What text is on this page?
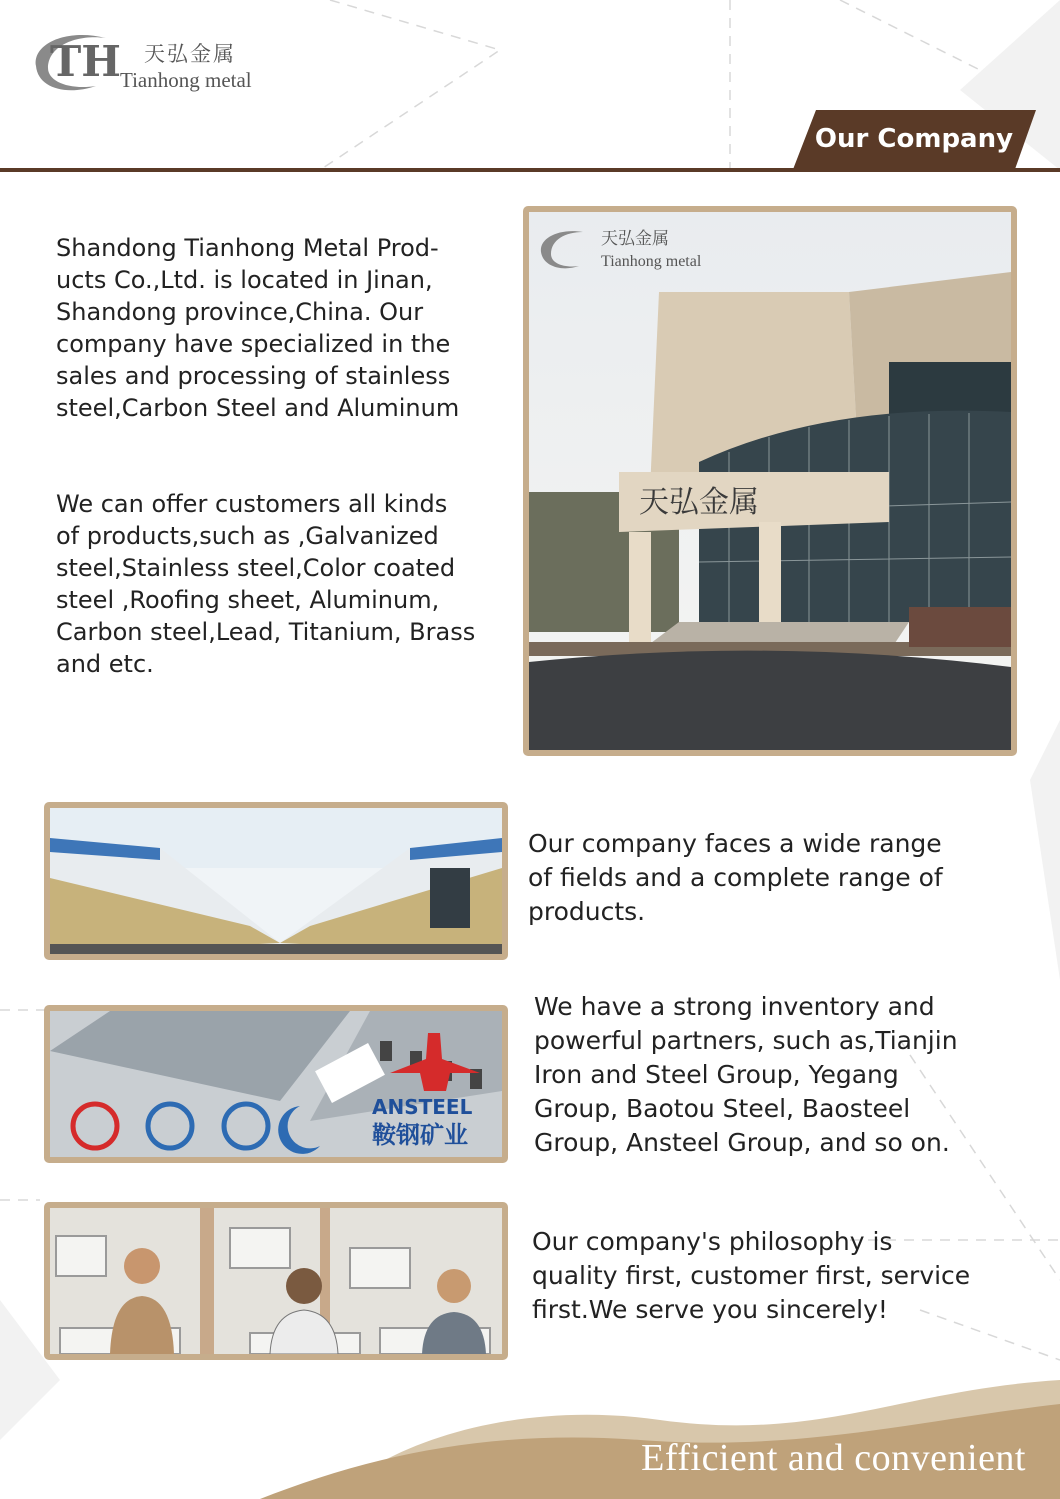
TH 天弘金属
Tianhong metal
Our Company

Shandong Tianhong Metal Prod-
ucts Co.,Ltd. is located in Jinan,
Shandong province,China. Our
company have specialized in the
sales and processing of stainless
steel,Carbon Steel and Aluminum

We can offer customers all kinds
of products,such as ,Galvanized
steel,Stainless steel,Color coated
steel ,Roofing sheet, Aluminum,
Carbon steel,Lead, Titanium, Brass
and etc.

天弘金属
天弘金属
Tianhong metal

Our company faces a wide range
of fields and a complete range of
products.

ANSTEEL
鞍钢矿业

We have a strong inventory and
powerful partners, such as,Tianjin
Iron and Steel Group, Yegang
Group, Baotou Steel, Baosteel
Group, Ansteel Group, and so on.

Our company's philosophy is
quality first, customer first, service
first.We serve you sincerely!

Efficient and convenient
